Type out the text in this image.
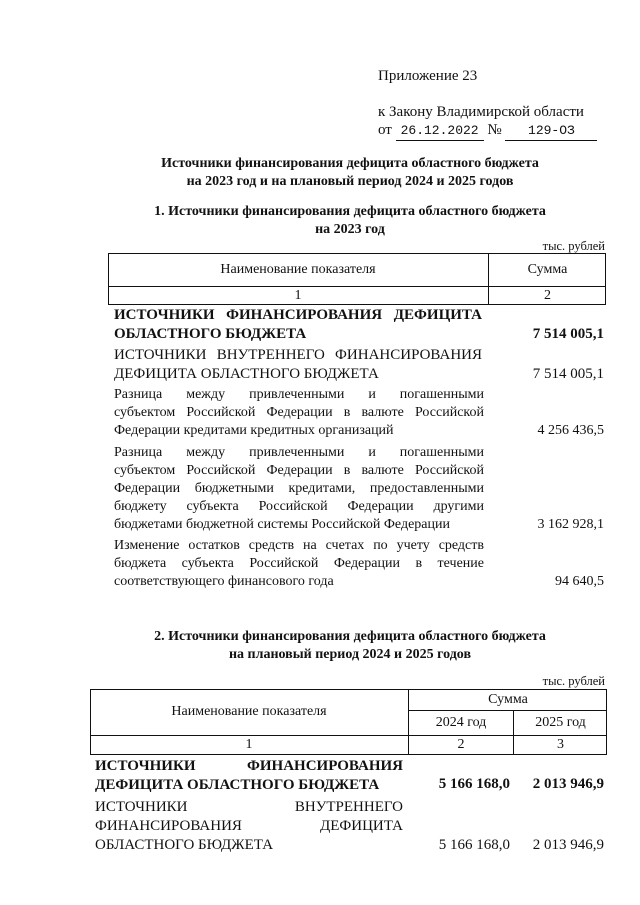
Приложение 23
к Закону Владимирской области
от 26.12.2022 № 129-ОЗ
Источники финансирования дефицита областного бюджета
на 2023 год и на плановый период 2024 и 2025 годов
1. Источники финансирования дефицита областного бюджета
на 2023 год
тыс. рублей
Наименование показателя	Сумма
1	2
ИСТОЧНИКИ ФИНАНСИРОВАНИЯ ДЕФИЦИТА
ОБЛАСТНОГО БЮДЖЕТА	7 514 005,1
ИСТОЧНИКИ ВНУТРЕННЕГО ФИНАНСИРОВАНИЯ
ДЕФИЦИТА ОБЛАСТНОГО БЮДЖЕТА	7 514 005,1
Разница между привлеченными и погашенными
субъектом Российской Федерации в валюте Российской
Федерации кредитами кредитных организаций	4 256 436,5
Разница между привлеченными и погашенными
субъектом Российской Федерации в валюте Российской
Федерации бюджетными кредитами, предоставленными
бюджету субъекта Российской Федерации другими
бюджетами бюджетной системы Российской Федерации	3 162 928,1
Изменение остатков средств на счетах по учету средств
бюджета субъекта Российской Федерации в течение
соответствующего финансового года	94 640,5
2. Источники финансирования дефицита областного бюджета
на плановый период 2024 и 2025 годов
тыс. рублей
Наименование показателя
Сумма
2024 год	2025 год
1	2	3
ИСТОЧНИКИ ФИНАНСИРОВАНИЯ
ДЕФИЦИТА ОБЛАСТНОГО БЮДЖЕТА	5 166 168,0	2 013 946,9
ИСТОЧНИКИ ВНУТРЕННЕГО
ФИНАНСИРОВАНИЯ ДЕФИЦИТА
ОБЛАСТНОГО БЮДЖЕТА	5 166 168,0	2 013 946,9
